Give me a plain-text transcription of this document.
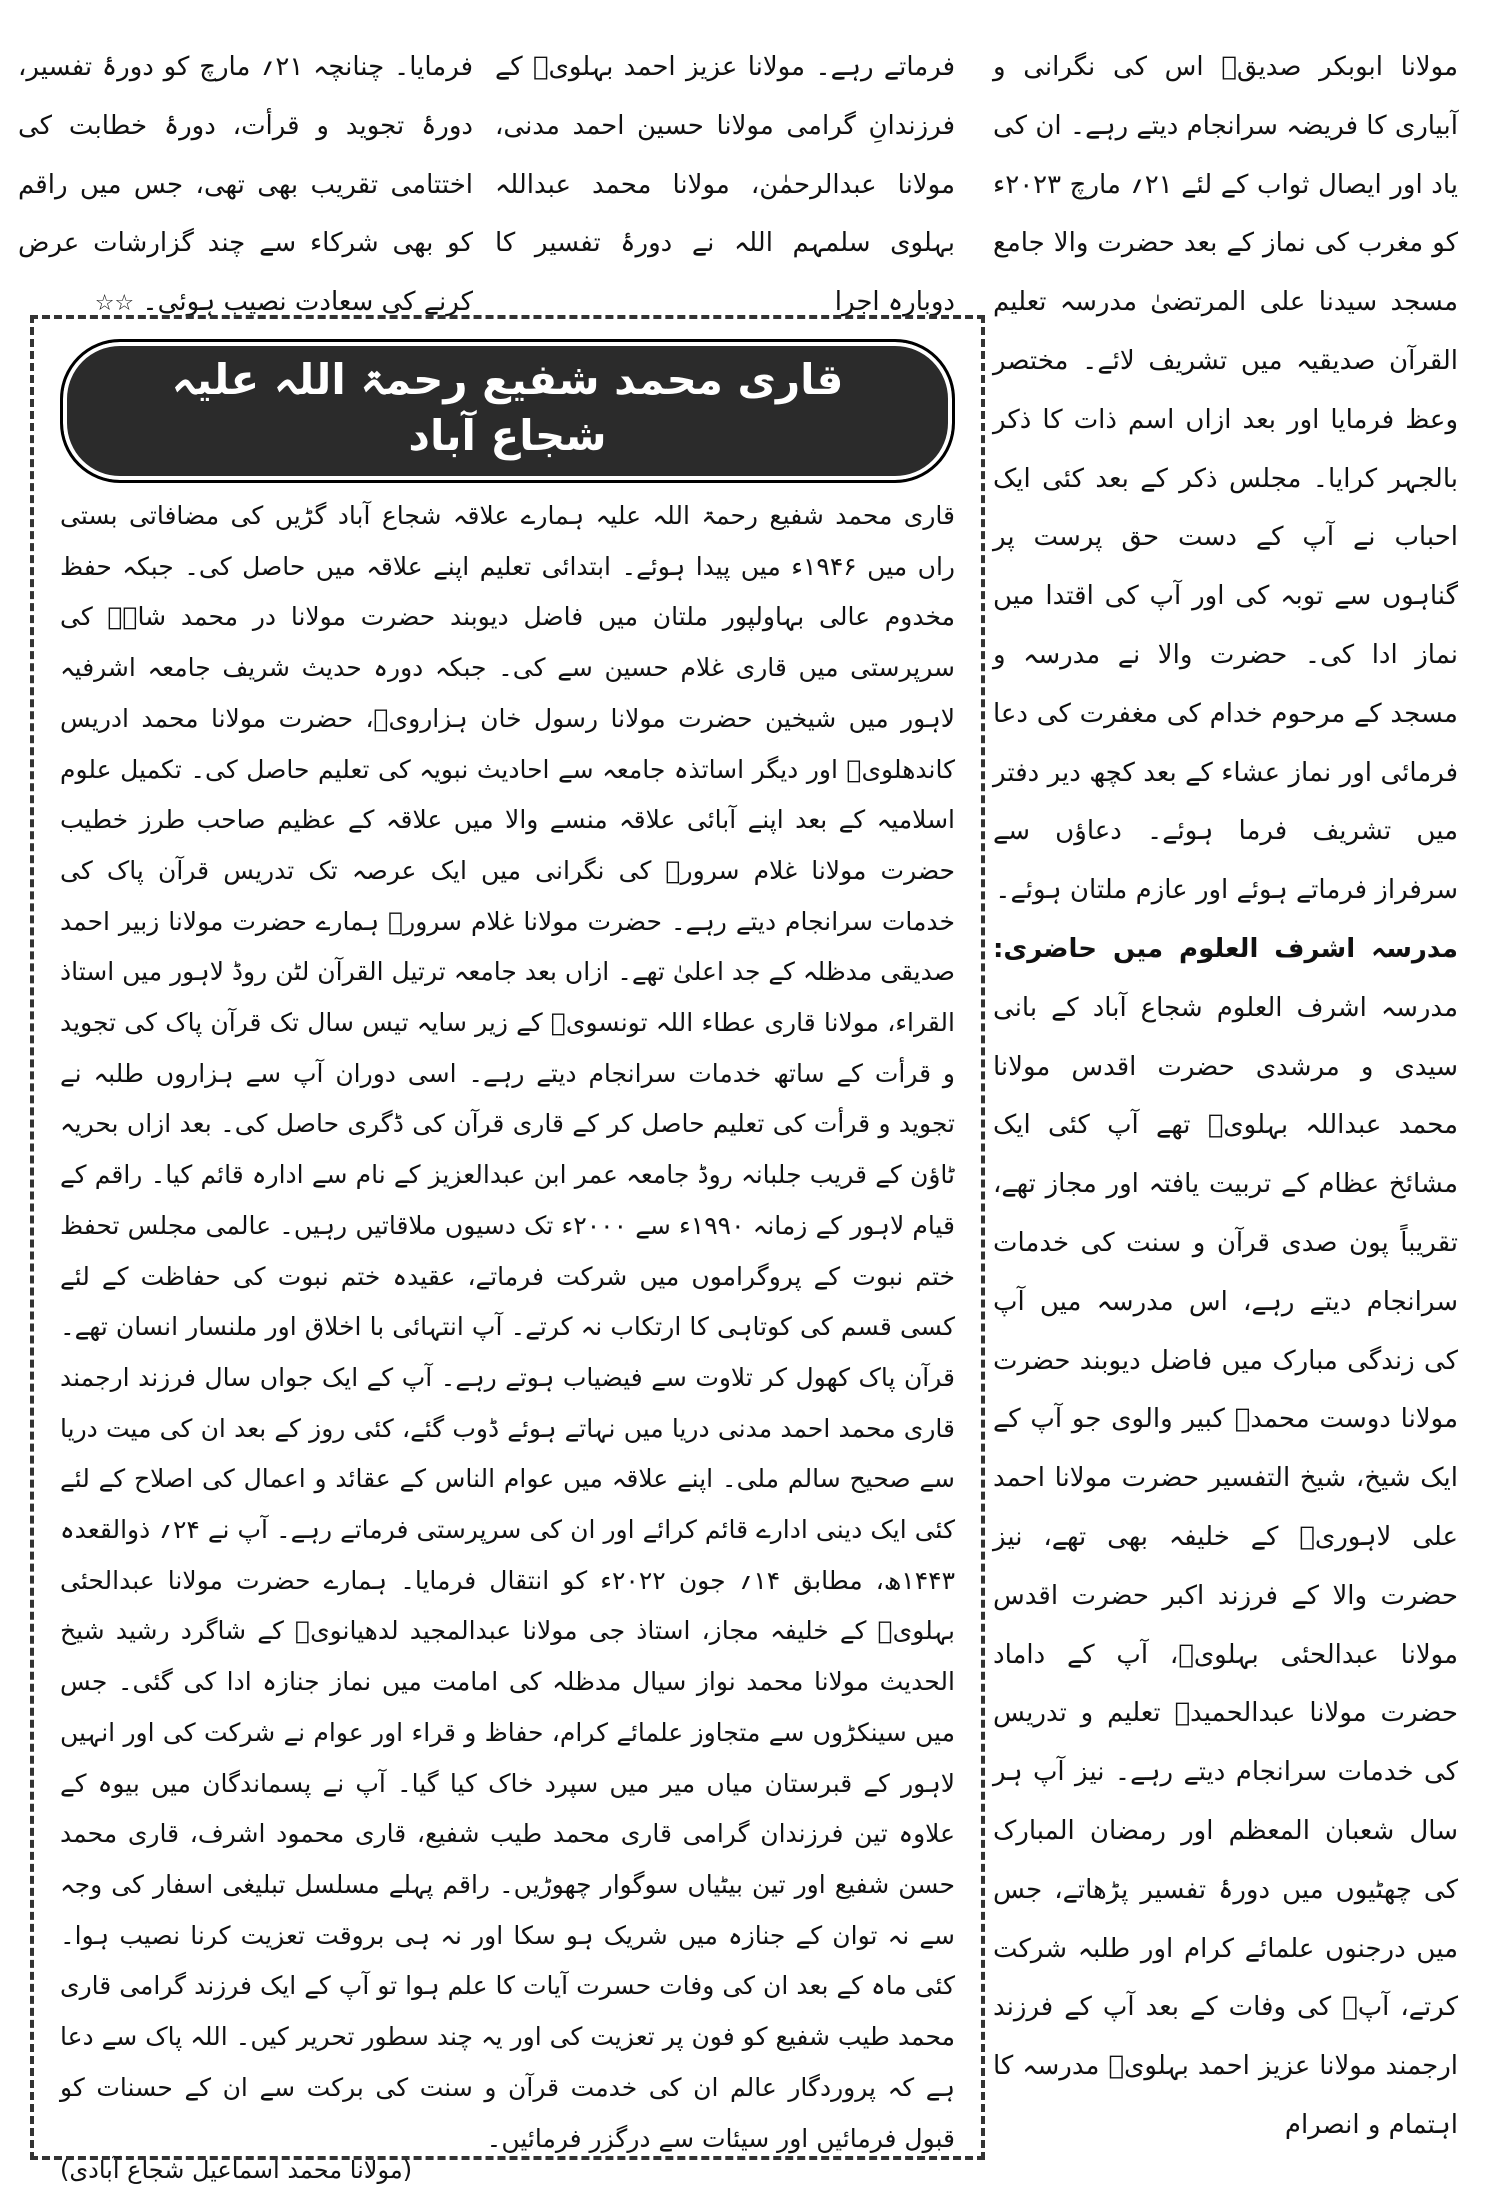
مولانا ابوبکر صدیقؒ اس کی نگرانی و آبیاری کا فریضہ سرانجام دیتے رہے۔ ان کی یاد اور ایصال ثواب کے لئے ۲۱؍ مارچ ۲۰۲۳ء کو مغرب کی نماز کے بعد حضرت والا جامع مسجد سیدنا علی المرتضیٰ مدرسہ تعلیم القرآن صدیقیہ میں تشریف لائے۔ مختصر وعظ فرمایا اور بعد ازاں اسم ذات کا ذکر بالجہر کرایا۔ مجلس ذکر کے بعد کئی ایک احباب نے آپ کے دست حق پرست پر گناہوں سے توبہ کی اور آپ کی اقتدا میں نماز ادا کی۔ حضرت والا نے مدرسہ و مسجد کے مرحوم خدام کی مغفرت کی دعا فرمائی اور نماز عشاء کے بعد کچھ دیر دفتر میں تشریف فرما ہوئے۔ دعاؤں سے سرفراز فرماتے ہوئے اور عازم ملتان ہوئے۔

مدرسہ اشرف العلوم میں حاضری: مدرسہ اشرف العلوم شجاع آباد کے بانی سیدی و مرشدی حضرت اقدس مولانا محمد عبداللہ بہلویؒ تھے آپ کئی ایک مشائخ عظام کے تربیت یافتہ اور مجاز تھے، تقریباً پون صدی قرآن و سنت کی خدمات سرانجام دیتے رہے، اس مدرسہ میں آپ کی زندگی مبارک میں فاضل دیوبند حضرت مولانا دوست محمدؒ کبیر والوی جو آپ کے ایک شیخ، شیخ التفسیر حضرت مولانا احمد علی لاہوریؒ کے خلیفہ بھی تھے، نیز حضرت والا کے فرزند اکبر حضرت اقدس مولانا عبدالحئی بہلویؒ، آپ کے داماد حضرت مولانا عبدالحمیدؒ تعلیم و تدریس کی خدمات سرانجام دیتے رہے۔ نیز آپ ہر سال شعبان المعظم اور رمضان المبارک کی چھٹیوں میں دورۂ تفسیر پڑھاتے، جس میں درجنوں علمائے کرام اور طلبہ شرکت کرتے، آپؒ کی وفات کے بعد آپ کے فرزند ارجمند مولانا عزیز احمد بہلویؒ مدرسہ کا اہتمام و انصرام

فرماتے رہے۔ مولانا عزیز احمد بہلویؒ کے فرزندانِ گرامی مولانا حسین احمد مدنی، مولانا عبدالرحمٰن، مولانا محمد عبداللہ بہلوی سلمہم اللہ نے دورۂ تفسیر کا دوبارہ اجرا

فرمایا۔ چنانچہ ۲۱؍ مارچ کو دورۂ تفسیر، دورۂ تجوید و قرأت، دورۂ خطابت کی اختتامی تقریب بھی تھی، جس میں راقم کو بھی شرکاء سے چند گزارشات عرض کرنے کی سعادت نصیب ہوئی۔ ☆☆

قاری محمد شفیع رحمۃ اللہ علیہ شجاع آباد

قاری محمد شفیع رحمۃ اللہ علیہ ہمارے علاقہ شجاع آباد گڑیں کی مضافاتی بستی راں میں ۱۹۴۶ء میں پیدا ہوئے۔ ابتدائی تعلیم اپنے علاقہ میں حاصل کی۔ جبکہ حفظ مخدوم عالی بہاولپور ملتان میں فاضل دیوبند حضرت مولانا در محمد شاہؒ کی سرپرستی میں قاری غلام حسین سے کی۔ جبکہ دورہ حدیث شریف جامعہ اشرفیہ لاہور میں شیخین حضرت مولانا رسول خان ہزارویؒ، حضرت مولانا محمد ادریس کاندھلویؒ اور دیگر اساتذہ جامعہ سے احادیث نبویہ کی تعلیم حاصل کی۔ تکمیل علوم اسلامیہ کے بعد اپنے آبائی علاقہ منسے والا میں علاقہ کے عظیم صاحب طرز خطیب حضرت مولانا غلام سرورؒ کی نگرانی میں ایک عرصہ تک تدریس قرآن پاک کی خدمات سرانجام دیتے رہے۔ حضرت مولانا غلام سرورؒ ہمارے حضرت مولانا زبیر احمد صدیقی مدظلہ کے جد اعلیٰ تھے۔ ازاں بعد جامعہ ترتیل القرآن لٹن روڈ لاہور میں استاذ القراء، مولانا قاری عطاء اللہ تونسویؒ کے زیر سایہ تیس سال تک قرآن پاک کی تجوید و قرأت کے ساتھ خدمات سرانجام دیتے رہے۔ اسی دوران آپ سے ہزاروں طلبہ نے تجوید و قرأت کی تعلیم حاصل کر کے قاری قرآن کی ڈگری حاصل کی۔ بعد ازاں بحریہ ٹاؤن کے قریب جلبانہ روڈ جامعہ عمر ابن عبدالعزیز کے نام سے ادارہ قائم کیا۔ راقم کے قیام لاہور کے زمانہ ۱۹۹۰ء سے ۲۰۰۰ء تک دسیوں ملاقاتیں رہیں۔ عالمی مجلس تحفظ ختم نبوت کے پروگراموں میں شرکت فرماتے، عقیدہ ختم نبوت کی حفاظت کے لئے کسی قسم کی کوتاہی کا ارتکاب نہ کرتے۔ آپ انتہائی با اخلاق اور ملنسار انسان تھے۔ قرآن پاک کھول کر تلاوت سے فیضیاب ہوتے رہے۔ آپ کے ایک جواں سال فرزند ارجمند قاری محمد احمد مدنی دریا میں نہاتے ہوئے ڈوب گئے، کئی روز کے بعد ان کی میت دریا سے صحیح سالم ملی۔ اپنے علاقہ میں عوام الناس کے عقائد و اعمال کی اصلاح کے لئے کئی ایک دینی ادارے قائم کرائے اور ان کی سرپرستی فرماتے رہے۔ آپ نے ۲۴؍ ذوالقعدہ ۱۴۴۳ھ، مطابق ۱۴؍ جون ۲۰۲۲ء کو انتقال فرمایا۔ ہمارے حضرت مولانا عبدالحئی بہلویؒ کے خلیفہ مجاز، استاذ جی مولانا عبدالمجید لدھیانویؒ کے شاگرد رشید شیخ الحدیث مولانا محمد نواز سیال مدظلہ کی امامت میں نماز جنازہ ادا کی گئی۔ جس میں سینکڑوں سے متجاوز علمائے کرام، حفاظ و قراء اور عوام نے شرکت کی اور انہیں لاہور کے قبرستان میاں میر میں سپرد خاک کیا گیا۔ آپ نے پسماندگان میں بیوہ کے علاوہ تین فرزندان گرامی قاری محمد طیب شفیع، قاری محمود اشرف، قاری محمد حسن شفیع اور تین بیٹیاں سوگوار چھوڑیں۔ راقم پہلے مسلسل تبلیغی اسفار کی وجہ سے نہ توان کے جنازہ میں شریک ہو سکا اور نہ ہی بروقت تعزیت کرنا نصیب ہوا۔ کئی ماہ کے بعد ان کی وفات حسرت آیات کا علم ہوا تو آپ کے ایک فرزند گرامی قاری محمد طیب شفیع کو فون پر تعزیت کی اور یہ چند سطور تحریر کیں۔ اللہ پاک سے دعا ہے کہ پروردگار عالم ان کی خدمت قرآن و سنت کی برکت سے ان کے حسنات کو قبول فرمائیں اور سیئات سے درگزر فرمائیں۔

(مولانا محمد اسماعیل شجاع آبادی)
